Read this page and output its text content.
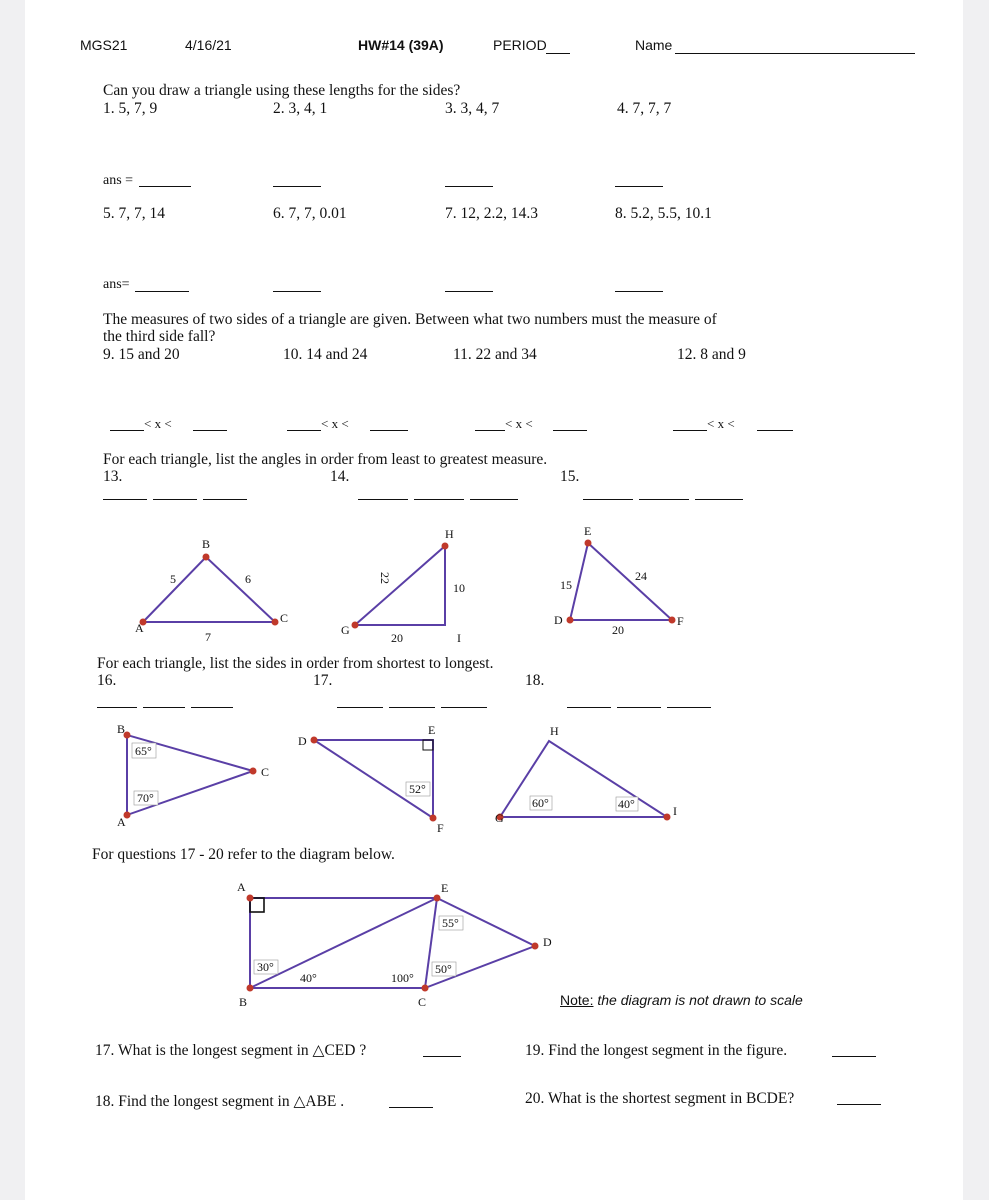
MGS21	4/16/21	HW#14 (39A)	PERIOD	Name
Can you draw a triangle using these lengths for the sides?
1. 5, 7, 9	2. 3, 4, 1	3. 3, 4, 7	4. 7, 7, 7
ans =
5. 7, 7, 14	6. 7, 7, 0.01	7. 12, 2.2, 14.3	8. 5.2, 5.5, 10.1
ans=
The measures of two sides of a triangle are given. Between what two numbers must the measure of
the third side fall?
9. 15 and 20	10. 14 and 24	11. 22 and 34	12. 8 and 9
< x <	< x <	< x <	< x <
For each triangle, list the angles in order from least to greatest measure.
13.	14.	15.
A
B
C
5	6
7	G
H
I
22
10
20
D
E
F
15
24
20
B
A
C
65°
70°
D
E
F
52°
G
H
I
60°	40°
A	E
D
B	C
30°
40°
55°
100°
50°
For each triangle, list the sides in order from shortest to longest.
16.	17.	18.
For questions 17 - 20 refer to the diagram below.
Note: the diagram is not drawn to scale
17. What is the longest segment in △CED ?	19. Find the longest segment in the figure.
18. Find the longest segment in △ABE .	20. What is the shortest segment in BCDE?
